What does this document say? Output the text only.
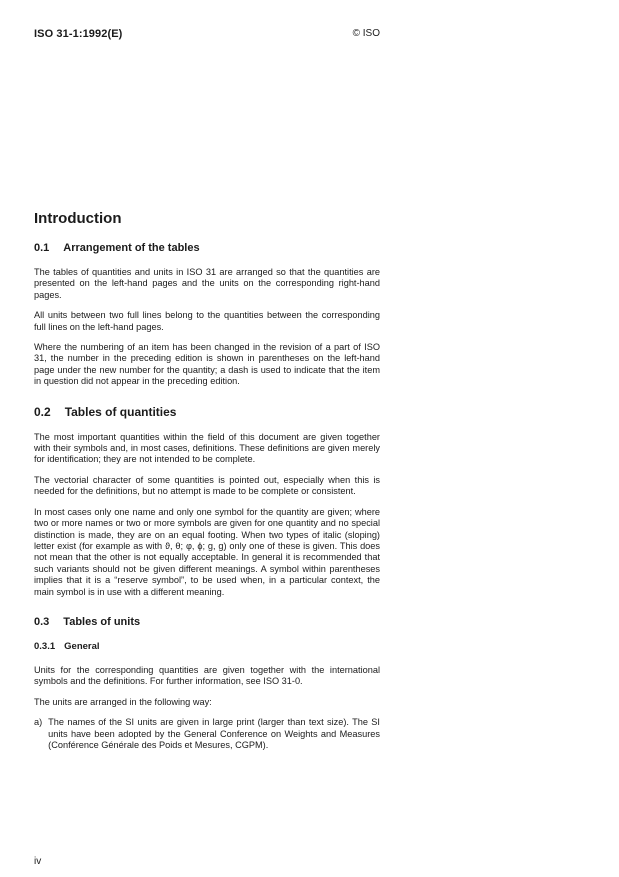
ISO 31-1:1992(E)	© ISO
Introduction
0.1 Arrangement of the tables

The tables of quantities and units in ISO 31 are arranged so that the quantities are presented on the left-hand pages and the units on the corresponding right-hand pages.

All units between two full lines belong to the quantities between the corresponding full lines on the left-hand pages.

Where the numbering of an item has been changed in the revision of a part of ISO 31, the number in the preceding edition is shown in parentheses on the left-hand page under the new number for the quantity; a dash is used to indicate that the item in question did not appear in the preceding edition.

0.2 Tables of quantities

The most important quantities within the field of this document are given together with their symbols and, in most cases, definitions. These definitions are given merely for identification; they are not intended to be complete.

The vectorial character of some quantities is pointed out, especially when this is needed for the definitions, but no attempt is made to be complete or consistent.

In most cases only one name and only one symbol for the quantity are given; where two or more names or two or more symbols are given for one quantity and no special distinction is made, they are on an equal footing. When two types of italic (sloping) letter exist (for example as with ϑ, θ; φ, ϕ; g, g) only one of these is given. This does not mean that the other is not equally acceptable. In general it is recommended that such variants should not be given different meanings. A symbol within parentheses implies that it is a “reserve symbol”, to be used when, in a particular context, the main symbol is in use with a different meaning.

0.3 Tables of units
0.3.1 General

Units for the corresponding quantities are given together with the international symbols and the definitions. For further information, see ISO 31-0.

The units are arranged in the following way:

a) The names of the SI units are given in large print (larger than text size). The SI units have been adopted by the General Conference on Weights and Measures (Conférence Générale des Poids et Mesures, CGPM).

iv
